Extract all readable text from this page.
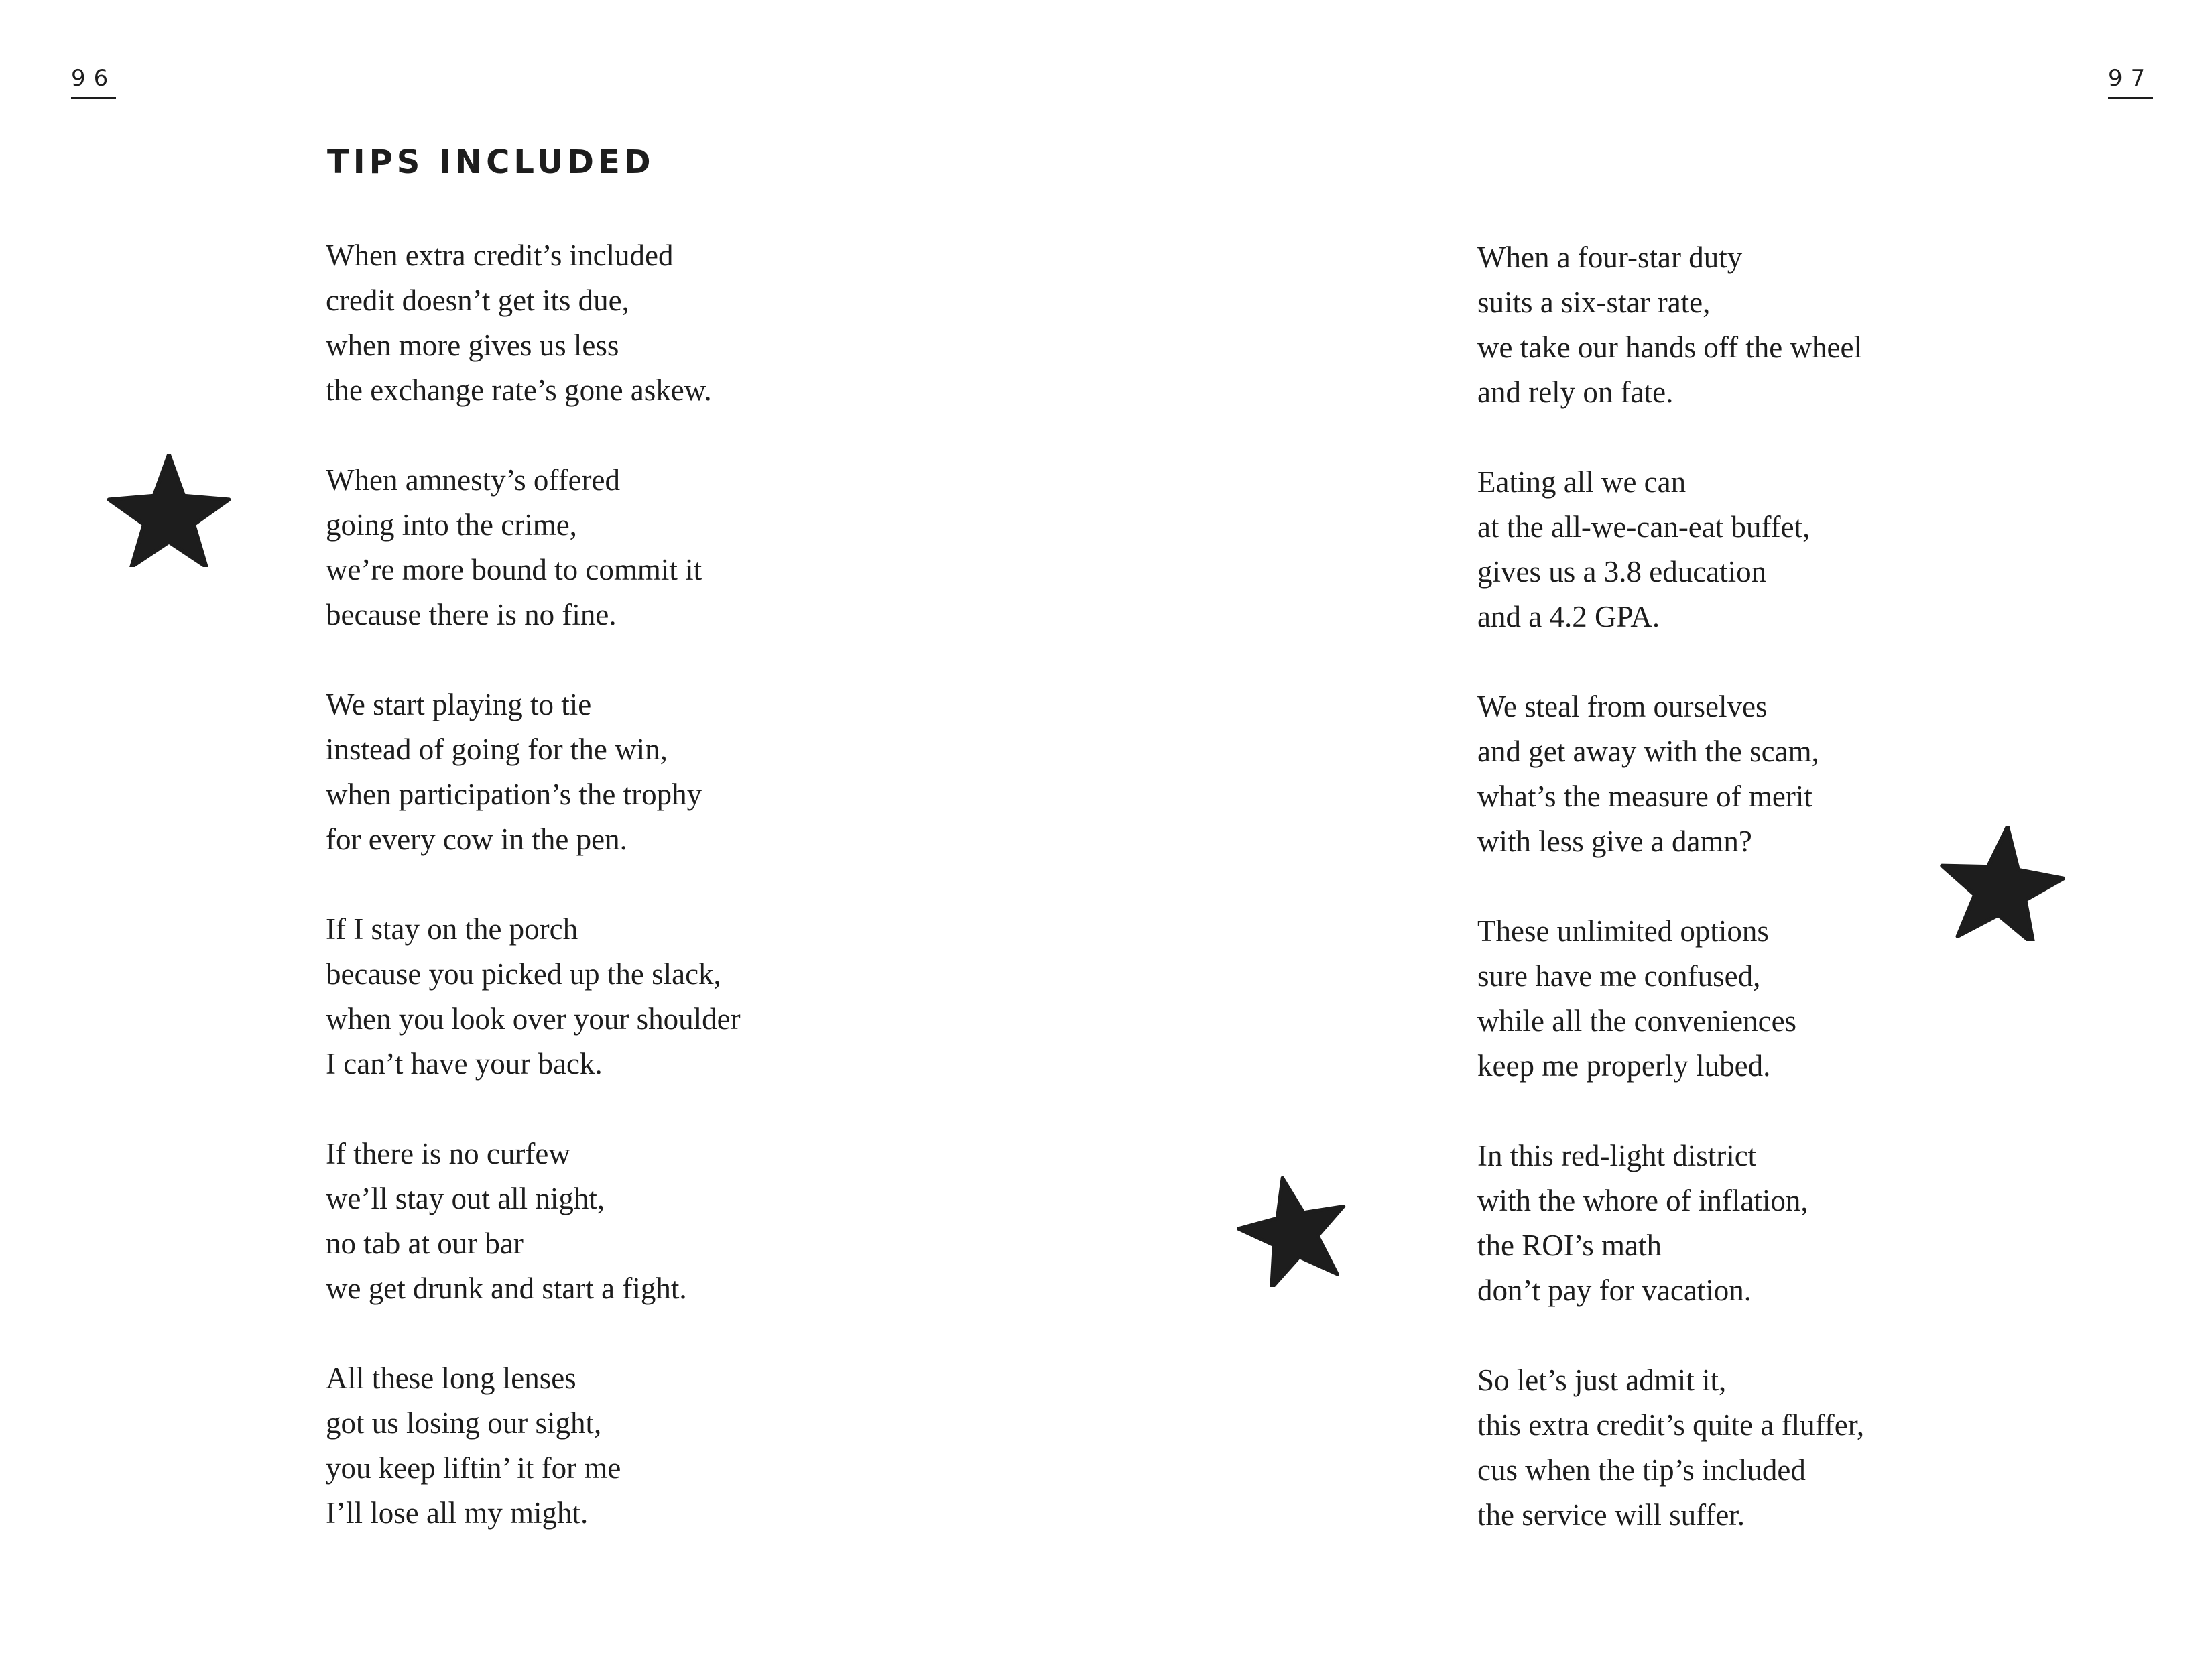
96	97
TIPS INCLUDED
When extra credit’s included
credit doesn’t get its due,
when more gives us less
the exchange rate’s gone askew.
When amnesty’s offered
going into the crime,
we’re more bound to commit it
because there is no fine.
We start playing to tie
instead of going for the win,
when participation’s the trophy
for every cow in the pen.
If I stay on the porch
because you picked up the slack,
when you look over your shoulder
I can’t have your back.
If there is no curfew
we’ll stay out all night,
no tab at our bar
we get drunk and start a fight.
All these long lenses
got us losing our sight,
you keep liftin’ it for me
I’ll lose all my might.
When a four-star duty
suits a six-star rate,
we take our hands off the wheel
and rely on fate.
Eating all we can
at the all-we-can-eat buffet,
gives us a 3.8 education
and a 4.2 GPA.
We steal from ourselves
and get away with the scam,
what’s the measure of merit
with less give a damn?
These unlimited options
sure have me confused,
while all the conveniences
keep me properly lubed.
In this red-light district
with the whore of inflation,
the ROI’s math
don’t pay for vacation.
So let’s just admit it,
this extra credit’s quite a fluffer,
cus when the tip’s included
the service will suffer.
